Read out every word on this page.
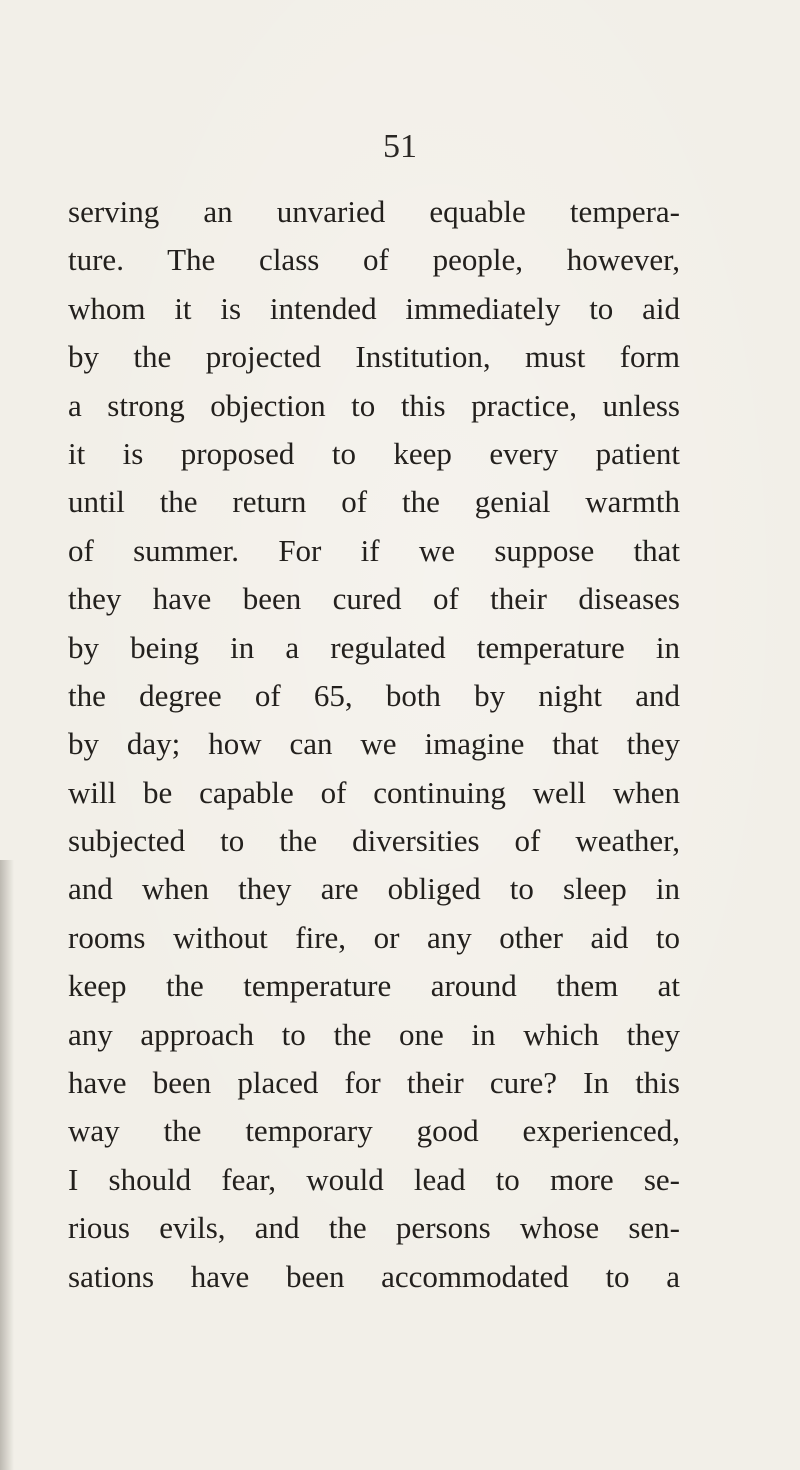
51
serving an unvaried equable tempera-
ture. The class of people, however,
whom it is intended immediately to aid
by the projected Institution, must form
a strong objection to this practice, unless
it is proposed to keep every patient
until the return of the genial warmth
of summer. For if we suppose that
they have been cured of their diseases
by being in a regulated temperature in
the degree of 65, both by night and
by day; how can we imagine that they
will be capable of continuing well when
subjected to the diversities of weather,
and when they are obliged to sleep in
rooms without fire, or any other aid to
keep the temperature around them at
any approach to the one in which they
have been placed for their cure? In this
way the temporary good experienced,
I should fear, would lead to more se-
rious evils, and the persons whose sen-
sations have been accommodated to a
